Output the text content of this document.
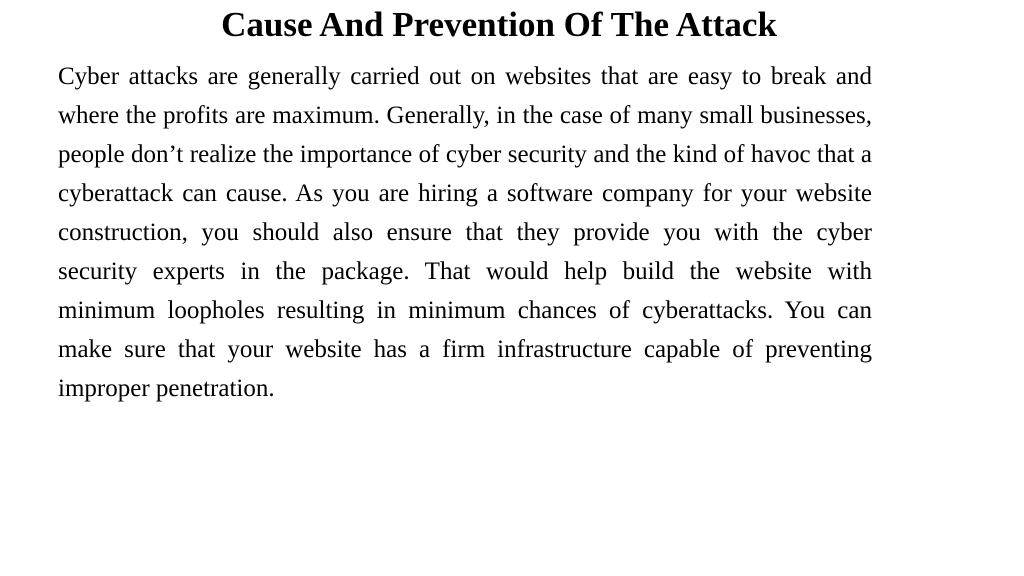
Cause And Prevention Of The Attack

Cyber attacks are generally carried out on websites that are easy to break and where the profits are maximum. Generally, in the case of many small businesses, people don’t realize the importance of cyber security and the kind of havoc that a cyberattack can cause. As you are hiring a software company for your website construction, you should also ensure that they provide you with the cyber security experts in the package. That would help build the website with minimum loopholes resulting in minimum chances of cyberattacks. You can make sure that your website has a firm infrastructure capable of preventing improper penetration.
